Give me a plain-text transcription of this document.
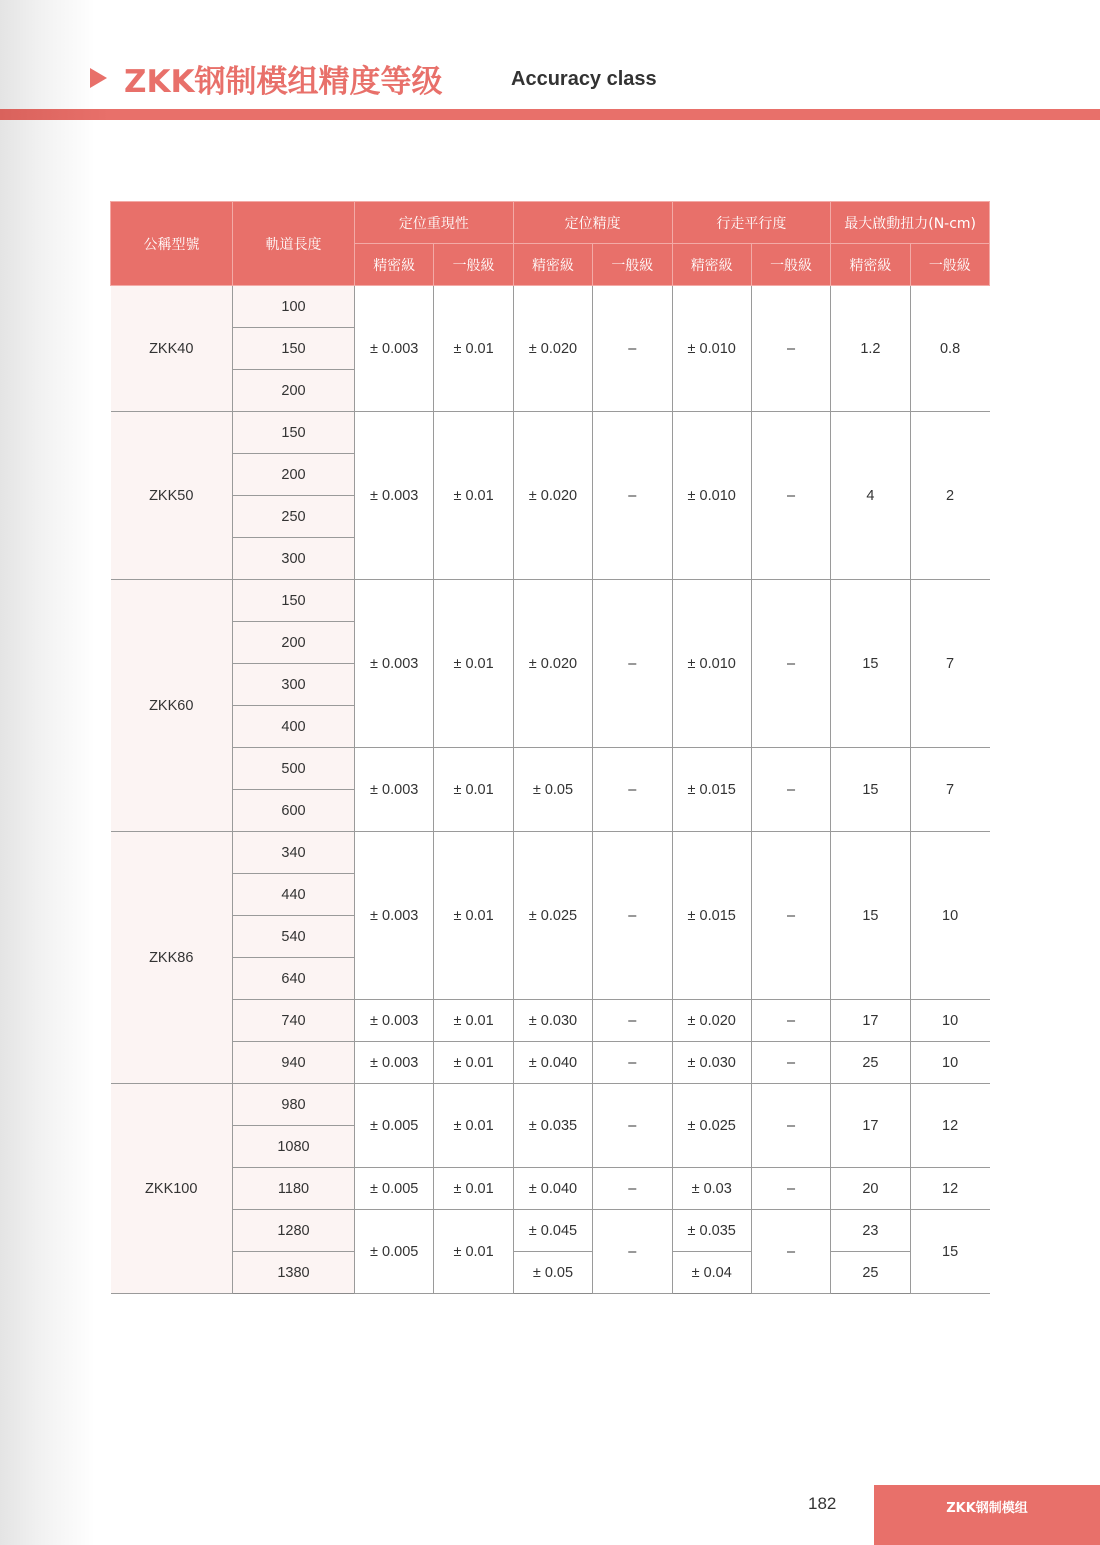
ZKK钢制模组精度等级	Accuracy class
公稱型號	軌道長度	定位重現性		定位精度		行走平行度		最大啟動扭力(N-cm)	
		精密級	一般級	精密級	一般級	精密級	一般級	精密級	一般級
ZKK40	100	± 0.003	± 0.01	± 0.020	–	± 0.010	–	1.2	0.8
	150								
	200								
ZKK50	150	± 0.003	± 0.01	± 0.020	–	± 0.010	–	4	2
	200								
	250								
	300								
ZKK60	150	± 0.003	± 0.01	± 0.020	–	± 0.010	–	15	7
	200								
	300								
	400								
	500	± 0.003	± 0.01	± 0.05	–	± 0.015	–	15	7
	600								
ZKK86	340	± 0.003	± 0.01	± 0.025	–	± 0.015	–	15	10
	440								
	540								
	640								
	740	± 0.003	± 0.01	± 0.030	–	± 0.020	–	17	10
	940	± 0.003	± 0.01	± 0.040	–	± 0.030	–	25	10
ZKK100	980	± 0.005	± 0.01	± 0.035	–	± 0.025	–	17	12
	1080								
	1180	± 0.005	± 0.01	± 0.040	–	± 0.03	–	20	12
	1280	± 0.005	± 0.01	± 0.045	–	± 0.035	–	23	15
	1380			± 0.05		± 0.04		25	
182	ZKK钢制模组
